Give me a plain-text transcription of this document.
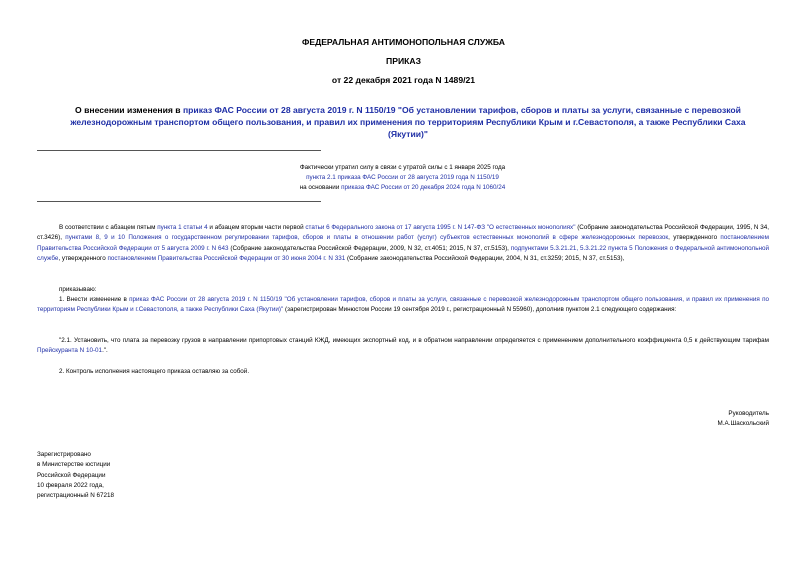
ФЕДЕРАЛЬНАЯ АНТИМОНОПОЛЬНАЯ СЛУЖБА
ПРИКАЗ
от 22 декабря 2021 года N 1489/21
О внесении изменения в приказ ФАС России от 28 августа 2019 г. N 1150/19 "Об установлении тарифов, сборов и платы за услуги, связанные с перевозкой железнодорожным транспортом общего пользования, и правил их применения по территориям Республики Крым и г.Севастополя, а также Республики Саха (Якутии)"
Фактически утратил силу в связи с утратой силы с 1 января 2025 года
пункта 2.1 приказа ФАС России от 28 августа 2019 года N 1150/19
на основании приказа ФАС России от 20 декабря 2024 года N 1060/24
В соответствии с абзацем пятым пункта 1 статьи 4 и абзацем вторым части первой статьи 6 Федерального закона от 17 августа 1995 г. N 147-ФЗ "О естественных монополиях" (Собрание законодательства Российской Федерации, 1995, N 34, ст.3426), пунктами 8, 9 и 10 Положения о государственном регулировании тарифов, сборов и платы в отношении работ (услуг) субъектов естественных монополий в сфере железнодорожных перевозок, утвержденного постановлением Правительства Российской Федерации от 5 августа 2009 г. N 643 (Собрание законодательства Российской Федерации, 2009, N 32, ст.4051; 2015, N 37, ст.5153), подпунктами 5.3.21.21, 5.3.21.22 пункта 5 Положения о Федеральной антимонопольной службе, утвержденного постановлением Правительства Российской Федерации от 30 июня 2004 г. N 331 (Собрание законодательства Российской Федерации, 2004, N 31, ст.3259; 2015, N 37, ст.5153),
приказываю:
1. Внести изменение в приказ ФАС России от 28 августа 2019 г. N 1150/19 "Об установлении тарифов, сборов и платы за услуги, связанные с перевозкой железнодорожным транспортом общего пользования, и правил их применения по территориям Республики Крым и г.Севастополя, а также Республики Саха (Якутии)" (зарегистрирован Минюстом России 19 сентября 2019 г., регистрационный N 55960), дополнив пунктом 2.1 следующего содержания:
"2.1. Установить, что плата за перевозку грузов в направлении припортовых станций КЖД, имеющих экспортный код, и в обратном направлении определяется с применением дополнительного коэффициента 0,5 к действующим тарифам Прейскуранта N 10-01.".
2. Контроль исполнения настоящего приказа оставляю за собой.
Руководитель
М.А.Шаскольский
Зарегистрировано
в Министерстве юстиции
Российской Федерации
10 февраля 2022 года,
регистрационный N 67218
